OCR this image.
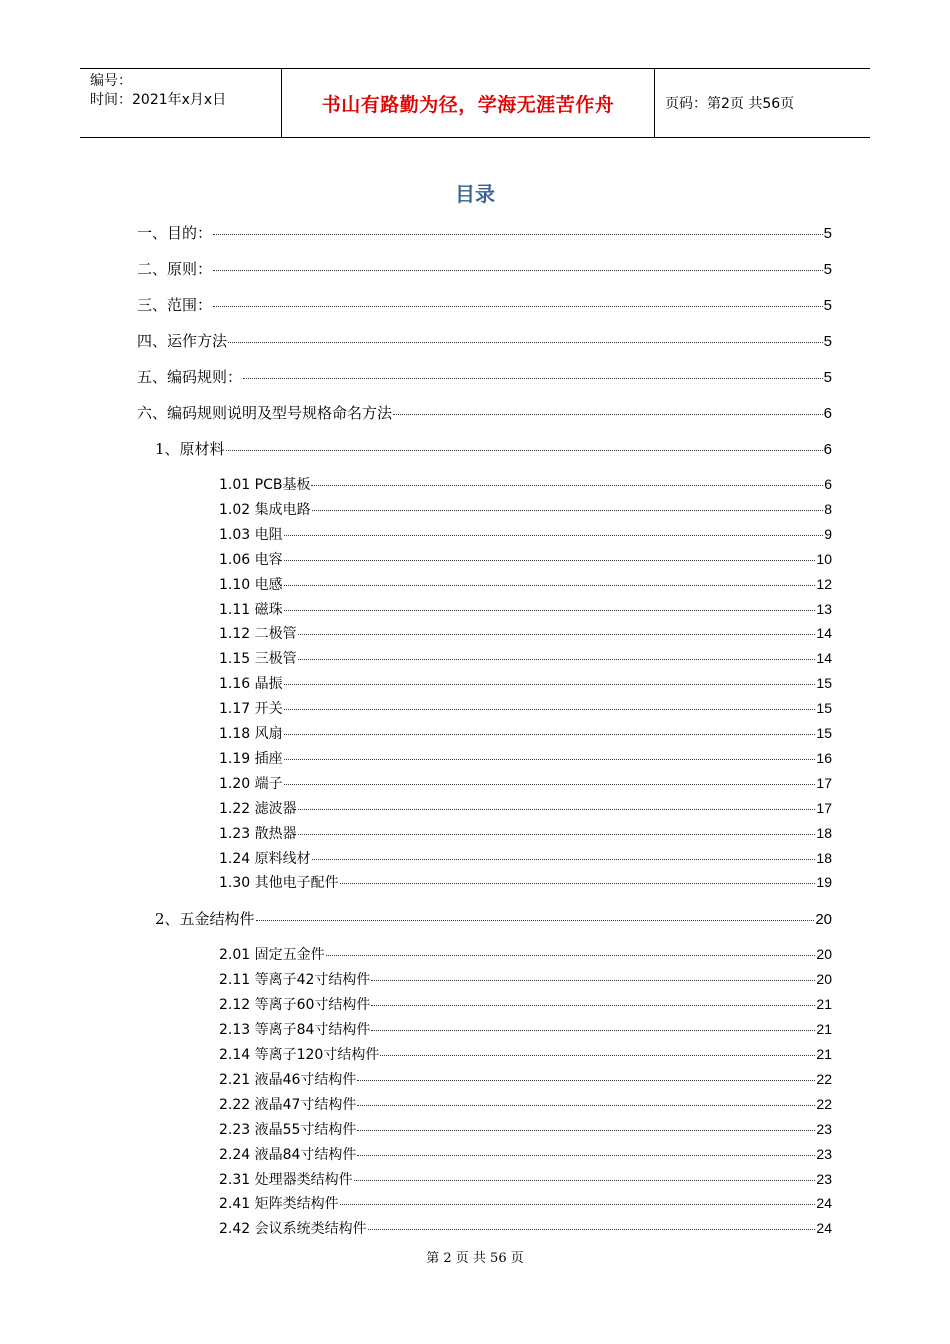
编号：
时间：2021年x月x日	书山有路勤为径，学海无涯苦作舟	页码：第2页 共56页
目录
一、目的：	5
二、原则：	5
三、范围：	5
四、运作方法	5
五、编码规则：	5
六、编码规则说明及型号规格命名方法	6
1、原材料	6
1.01 PCB基板	6
1.02 集成电路	8
1.03 电阻	9
1.06 电容	10
1.10 电感	12
1.11 磁珠	13
1.12 二极管	14
1.15 三极管	14
1.16 晶振	15
1.17 开关	15
1.18 风扇	15
1.19 插座	16
1.20 端子	17
1.22 滤波器	17
1.23 散热器	18
1.24 原料线材	18
1.30 其他电子配件	19
2、五金结构件	20
2.01 固定五金件	20
2.11 等离子42寸结构件	20
2.12 等离子60寸结构件	21
2.13 等离子84寸结构件	21
2.14 等离子120寸结构件	21
2.21 液晶46寸结构件	22
2.22 液晶47寸结构件	22
2.23 液晶55寸结构件	23
2.24 液晶84寸结构件	23
2.31 处理器类结构件	23
2.41 矩阵类结构件	24
2.42 会议系统类结构件	24
第 2 页 共 56 页
